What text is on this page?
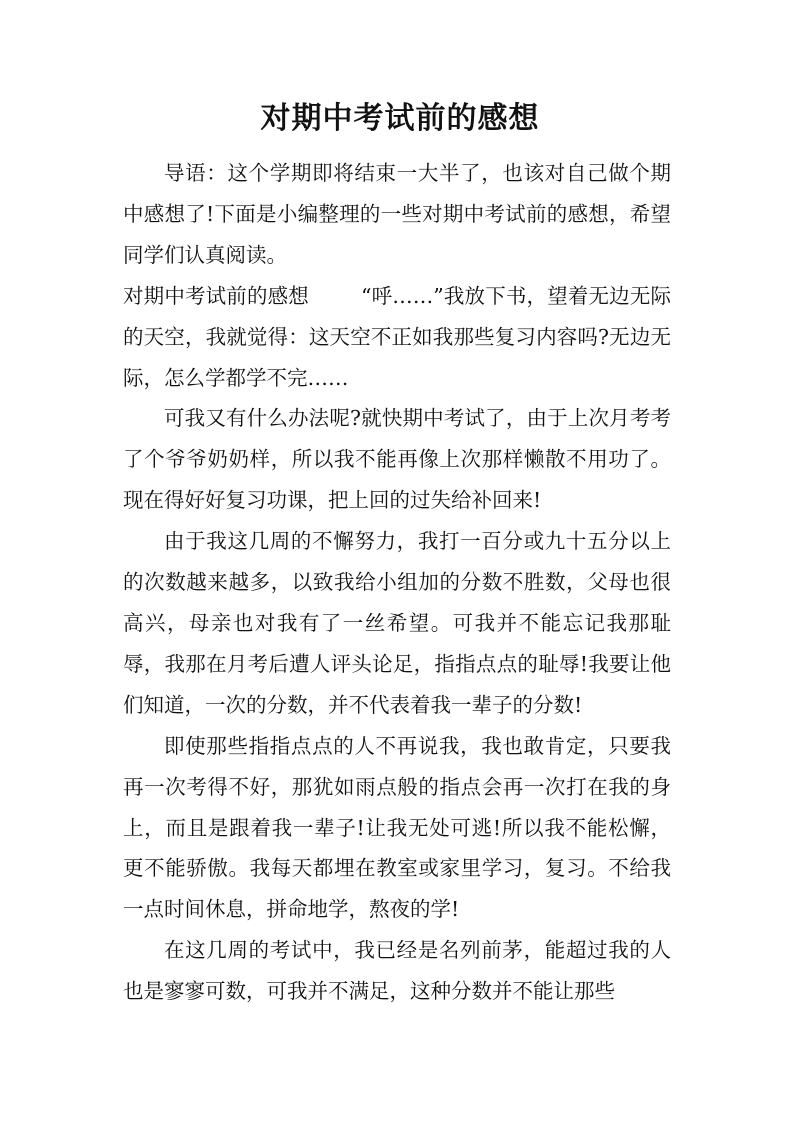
对期中考试前的感想

导语：这个学期即将结束一大半了，也该对自己做个期中感想了!下面是小编整理的一些对期中考试前的感想，希望同学们认真阅读。

对期中考试前的感想	“呼……”我放下书，望着无边无际的天空，我就觉得：这天空不正如我那些复习内容吗?无边无际，怎么学都学不完……

可我又有什么办法呢?就快期中考试了，由于上次月考考了个爷爷奶奶样，所以我不能再像上次那样懒散不用功了。现在得好好复习功课，把上回的过失给补回来!

由于我这几周的不懈努力，我打一百分或九十五分以上的次数越来越多，以致我给小组加的分数不胜数，父母也很高兴，母亲也对我有了一丝希望。可我并不能忘记我那耻辱，我那在月考后遭人评头论足，指指点点的耻辱!我要让他们知道，一次的分数，并不代表着我一辈子的分数!

即使那些指指点点的人不再说我，我也敢肯定，只要我再一次考得不好，那犹如雨点般的指点会再一次打在我的身上，而且是跟着我一辈子!让我无处可逃!所以我不能松懈，更不能骄傲。我每天都埋在教室或家里学习，复习。不给我一点时间休息，拼命地学，熬夜的学!

在这几周的考试中，我已经是名列前茅，能超过我的人也是寥寥可数，可我并不满足，这种分数并不能让那些
